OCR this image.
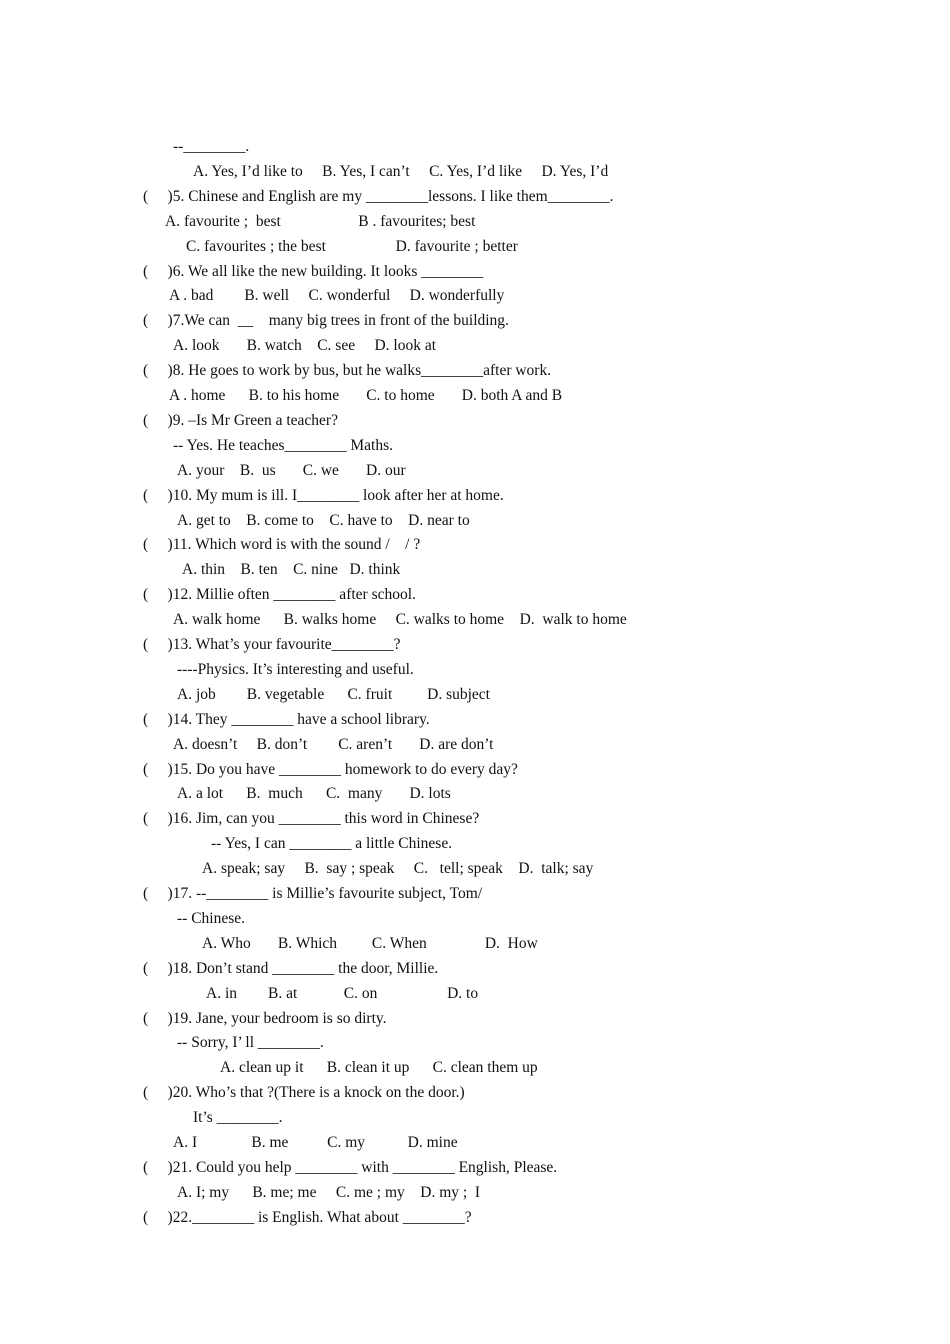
--________.
A. Yes, I’d like to     B. Yes, I can’t     C. Yes, I’d like     D. Yes, I’d
(     )5. Chinese and English are my ________lessons. I like them________.
A. favourite ;  best                    B . favourites; best
C. favourites ; the best                  D. favourite ; better
(     )6. We all like the new building. It looks ________
A . bad        B. well     C. wonderful     D. wonderfully
(     )7.We can  __    many big trees in front of the building.
A. look       B. watch    C. see     D. look at
(     )8. He goes to work by bus, but he walks________after work.
A . home      B. to his home       C. to home       D. both A and B
(     )9. –Is Mr Green a teacher?
-- Yes. He teaches________ Maths.
A. your    B.  us       C. we       D. our
(     )10. My mum is ill. I________ look after her at home.
A. get to    B. come to    C. have to    D. near to
(     )11. Which word is with the sound /    / ?
A. thin    B. ten    C. nine   D. think
(     )12. Millie often ________ after school.
A. walk home      B. walks home     C. walks to home    D.  walk to home
(     )13. What’s your favourite________?
----Physics. It’s interesting and useful.
A. job        B. vegetable      C. fruit         D. subject
(     )14. They ________ have a school library.
A. doesn’t     B. don’t        C. aren’t       D. are don’t
(     )15. Do you have ________ homework to do every day?
A. a lot      B.  much      C.  many       D. lots
(     )16. Jim, can you ________ this word in Chinese?
-- Yes, I can ________ a little Chinese.
A. speak; say     B.  say ; speak     C.   tell; speak    D.  talk; say
(     )17. --________ is Millie’s favourite subject, Tom/
-- Chinese.
A. Who       B. Which         C. When               D.  How
(     )18. Don’t stand ________ the door, Millie.
A. in        B. at            C. on                  D. to
(     )19. Jane, your bedroom is so dirty.
-- Sorry, I’ ll ________.
A. clean up it      B. clean it up      C. clean them up
(     )20. Who’s that ?(There is a knock on the door.)
It’s ________.
A. I              B. me          C. my           D. mine
(     )21. Could you help ________ with ________ English, Please.
A. I; my      B. me; me     C. me ; my    D. my ;  I
(     )22.________ is English. What about ________?
